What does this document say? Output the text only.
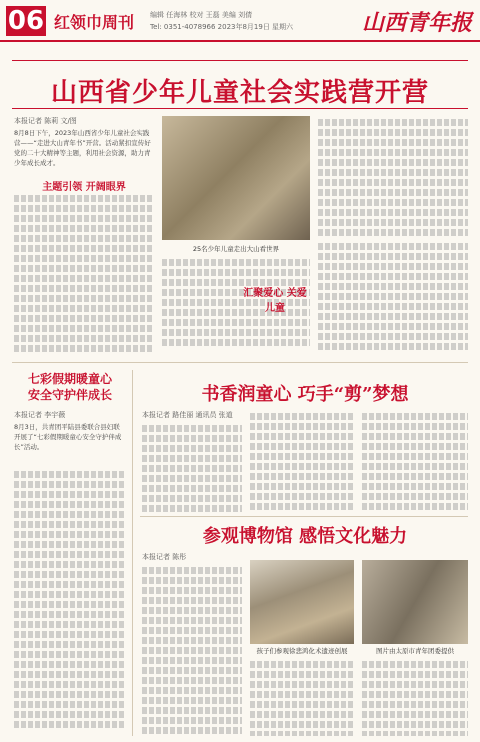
06 红领巾周刊 编辑 任海林 校对 王磊 美编 刘倩
Tel: 0351-4078966 2023年8月19日 星期六	山西青年报
山西省少年儿童社会实践营开营
本报记者 陈莉 文/图
8月8日下午，2023年山西省少年儿童社会实践营——“走进大山青年书”开营。活动紧扣宣传好党的二十大精神等主题，利用社会资源，助力青少年成长成才。
主题引领 开阔眼界
25名少年儿童走出大山看世界
汇聚爱心 关爱儿童
七彩假期暖童心
安全守护伴成长
本报记者 李宇薇
8月3日，共青团平陆县委联合县妇联开展了“七彩假期暖童心安全守护伴成长”活动。
书香润童心 巧手“剪”梦想
本报记者 路佳丽 通讯员 张道
参观博物馆 感悟文化魅力
本报记者 陈彤
孩子们参观徐悲鸿化术遗迹创展	图片由太原市青年团委提供
